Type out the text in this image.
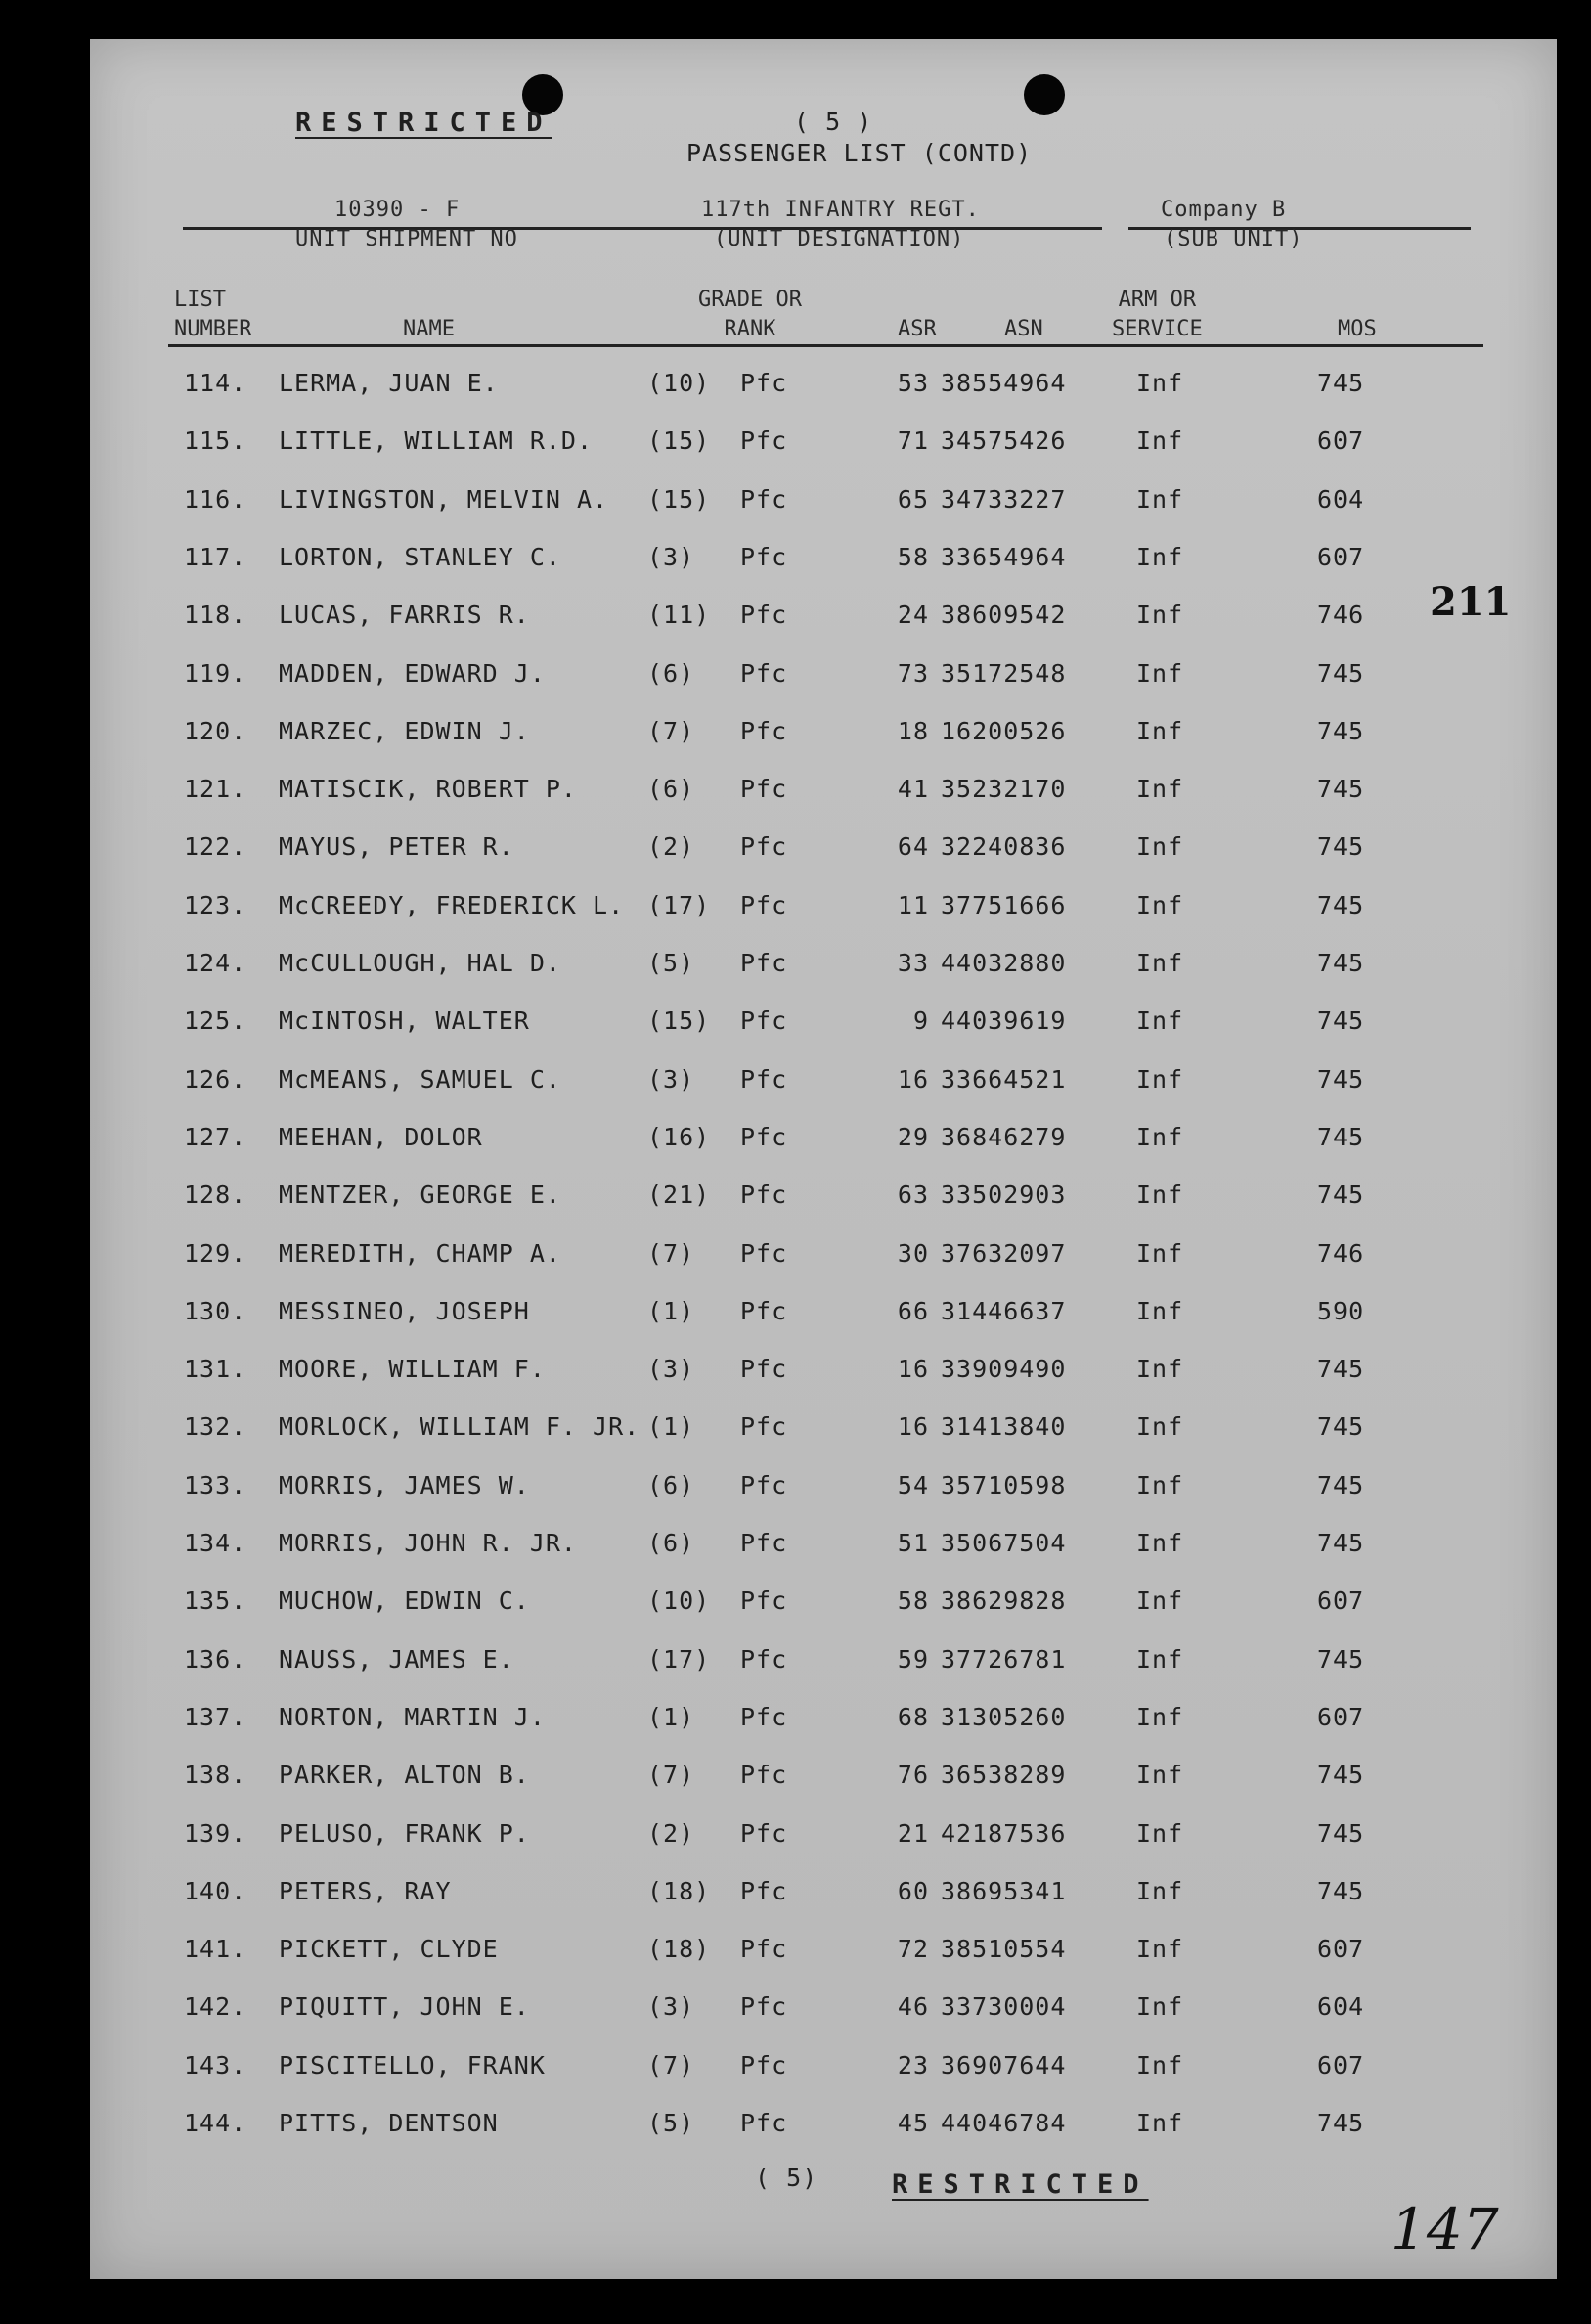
RESTRICTED	( 5 )
PASSENGER LIST (CONTD)
10390 - F	117th INFANTRY REGT.	Company B
UNIT SHIPMENT NO	(UNIT DESIGNATION)	(SUB UNIT)
LIST
NUMBER	NAME
GRADE OR
RANK	ASR	ASN
ARM OR
SERVICE	MOS
114. LERMA, JUAN E.	(10) Pfc	53 38554964	Inf	745
115. LITTLE, WILLIAM R.D. (15) Pfc	71 34575426	Inf	607
116. LIVINGSTON, MELVIN A. (15) Pfc	65 34733227	Inf	604
117. LORTON, STANLEY C.	(3) Pfc	58 33654964	Inf	607
118. LUCAS, FARRIS R.	(11) Pfc	24 38609542	Inf	746
119. MADDEN, EDWARD J.	(6) Pfc	73 35172548	Inf	745
120. MARZEC, EDWIN J.	(7) Pfc	18 16200526	Inf	745
121. MATISCIK, ROBERT P.	(6) Pfc	41 35232170	Inf	745
122. MAYUS, PETER R.	(2) Pfc	64 32240836	Inf	745
123. McCREEDY, FREDERICK L. (17) Pfc	11 37751666	Inf	745
124. McCULLOUGH, HAL D.	(5) Pfc	33 44032880	Inf	745
125. McINTOSH, WALTER	(15) Pfc	9 44039619	Inf	745
126. McMEANS, SAMUEL C.	(3) Pfc	16 33664521	Inf	745
127. MEEHAN, DOLOR	(16) Pfc	29 36846279	Inf	745
128. MENTZER, GEORGE E.	(21) Pfc	63 33502903	Inf	745
129. MEREDITH, CHAMP A.	(7) Pfc	30 37632097	Inf	746
130. MESSINEO, JOSEPH	(1) Pfc	66 31446637	Inf	590
131. MOORE, WILLIAM F.	(3) Pfc	16 33909490	Inf	745
132. MORLOCK, WILLIAM F. JR. (1) Pfc	16 31413840	Inf	745
133. MORRIS, JAMES W.	(6) Pfc	54 35710598	Inf	745
134. MORRIS, JOHN R. JR.	(6) Pfc	51 35067504	Inf	745
135. MUCHOW, EDWIN C.	(10) Pfc	58 38629828	Inf	607
136. NAUSS, JAMES E.	(17) Pfc	59 37726781	Inf	745
137. NORTON, MARTIN J.	(1) Pfc	68 31305260	Inf	607
138. PARKER, ALTON B.	(7) Pfc	76 36538289	Inf	745
139. PELUSO, FRANK P.	(2) Pfc	21 42187536	Inf	745
140. PETERS, RAY	(18) Pfc	60 38695341	Inf	745
141. PICKETT, CLYDE	(18) Pfc	72 38510554	Inf	607
142. PIQUITT, JOHN E.	(3) Pfc	46 33730004	Inf	604
143. PISCITELLO, FRANK	(7) Pfc	23 36907644	Inf	607
144. PITTS, DENTSON	(5) Pfc	45 44046784	Inf	745
( 5)	RESTRICTED
211
147
